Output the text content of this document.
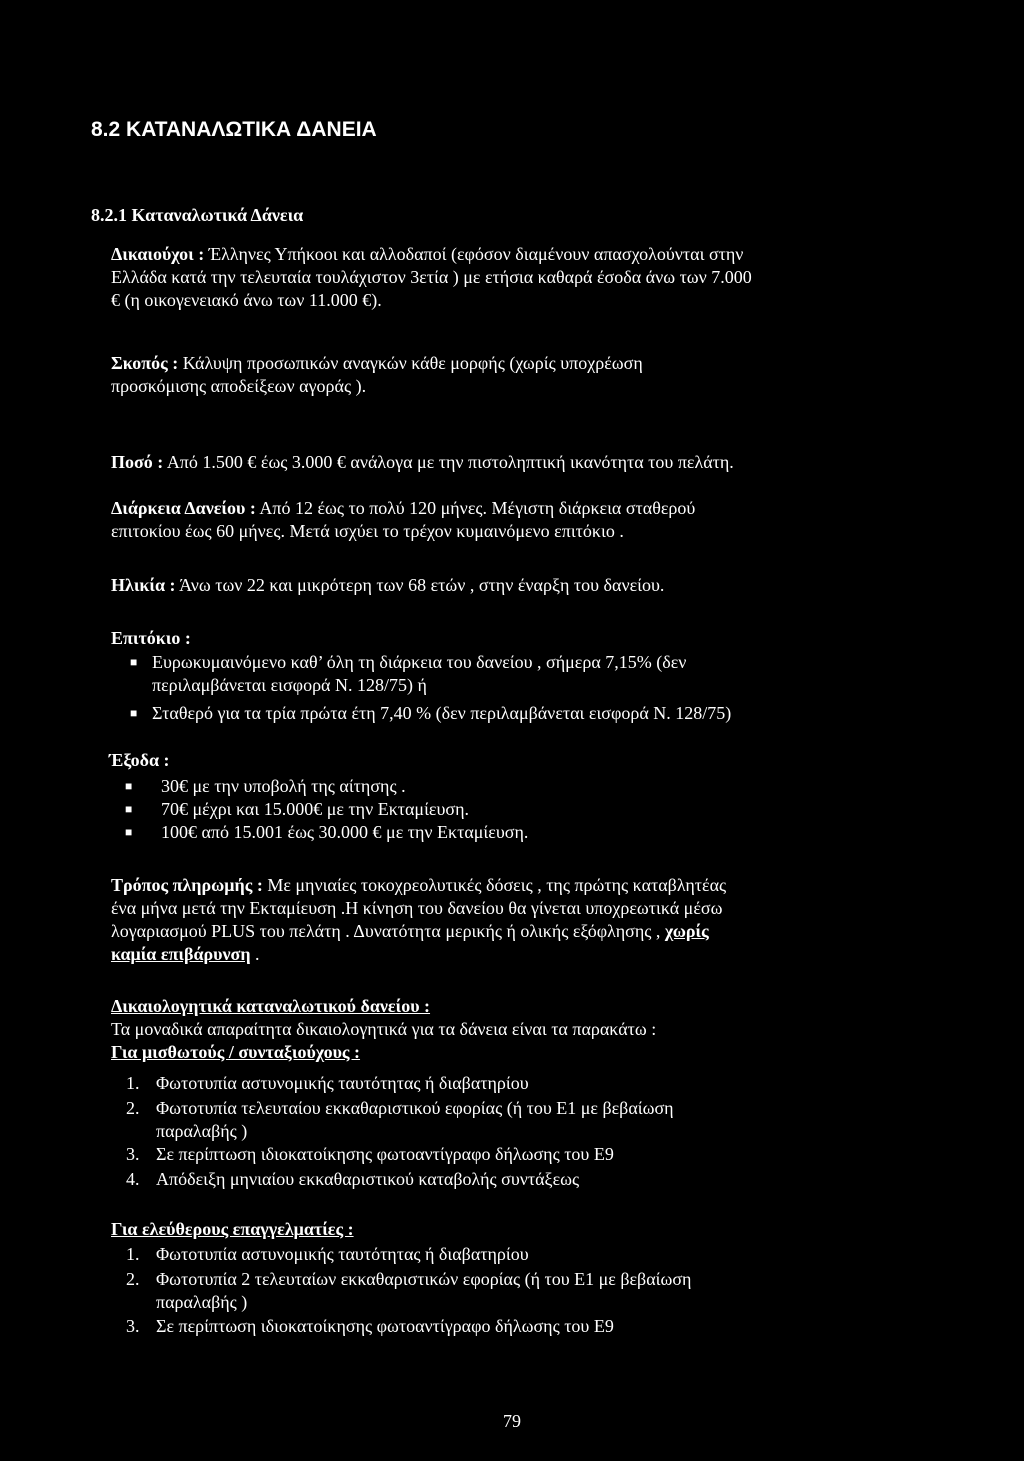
8.2 ΚΑΤΑΝΑΛΩΤΙΚΑ ΔΑΝΕΙΑ
8.2.1 Καταναλωτικά Δάνεια
Δικαιούχοι : Έλληνες Υπήκοοι και αλλοδαποί (εφόσον διαμένουν απασχολούνται στην
Ελλάδα κατά την τελευταία τουλάχιστον 3ετία ) με ετήσια καθαρά έσοδα άνω των 7.000
€ (η οικογενειακό άνω των 11.000 €).
Σκοπός : Κάλυψη προσωπικών αναγκών κάθε μορφής (χωρίς υποχρέωση
προσκόμισης αποδείξεων αγοράς ).
Ποσό : Από 1.500 € έως 3.000 € ανάλογα με την πιστοληπτική ικανότητα του πελάτη.
Διάρκεια Δανείου : Από 12 έως το πολύ 120 μήνες. Μέγιστη διάρκεια σταθερού
επιτοκίου έως 60 μήνες. Μετά ισχύει το τρέχον κυμαινόμενο επιτόκιο .
Ηλικία : Άνω των 22 και μικρότερη των 68 ετών , στην έναρξη του δανείου.
Επιτόκιο :
■ Ευρωκυμαινόμενο καθ’ όλη τη διάρκεια του δανείου , σήμερα 7,15% (δεν
περιλαμβάνεται εισφορά Ν. 128/75) ή
■ Σταθερό για τα τρία πρώτα έτη 7,40 % (δεν περιλαμβάνεται εισφορά Ν. 128/75)
Έξοδα :
■	30€ με την υποβολή της αίτησης .
■	70€ μέχρι και 15.000€ με την Εκταμίευση.
■	100€ από 15.001 έως 30.000 € με την Εκταμίευση.
Τρόπος πληρωμής : Με μηνιαίες τοκοχρεολυτικές δόσεις , της πρώτης καταβλητέας
ένα μήνα μετά την Εκταμίευση .Η κίνηση του δανείου θα γίνεται υποχρεωτικά μέσω
λογαριασμού PLUS του πελάτη . Δυνατότητα μερικής ή ολικής εξόφλησης , χωρίς
καμία επιβάρυνση .
Δικαιολογητικά καταναλωτικού δανείου :
Τα μοναδικά απαραίτητα δικαιολογητικά για τα δάνεια είναι τα παρακάτω :
Για μισθωτούς / συνταξιούχους :
1. Φωτοτυπία αστυνομικής ταυτότητας ή διαβατηρίου
2. Φωτοτυπία τελευταίου εκκαθαριστικού εφορίας (ή του Ε1 με βεβαίωση
παραλαβής )
3. Σε περίπτωση ιδιοκατοίκησης φωτοαντίγραφο δήλωσης του Ε9
4. Απόδειξη μηνιαίου εκκαθαριστικού καταβολής συντάξεως
Για ελεύθερους επαγγελματίες :
1. Φωτοτυπία αστυνομικής ταυτότητας ή διαβατηρίου
2. Φωτοτυπία 2 τελευταίων εκκαθαριστικών εφορίας (ή του Ε1 με βεβαίωση
παραλαβής )
3. Σε περίπτωση ιδιοκατοίκησης φωτοαντίγραφο δήλωσης του Ε9
79
